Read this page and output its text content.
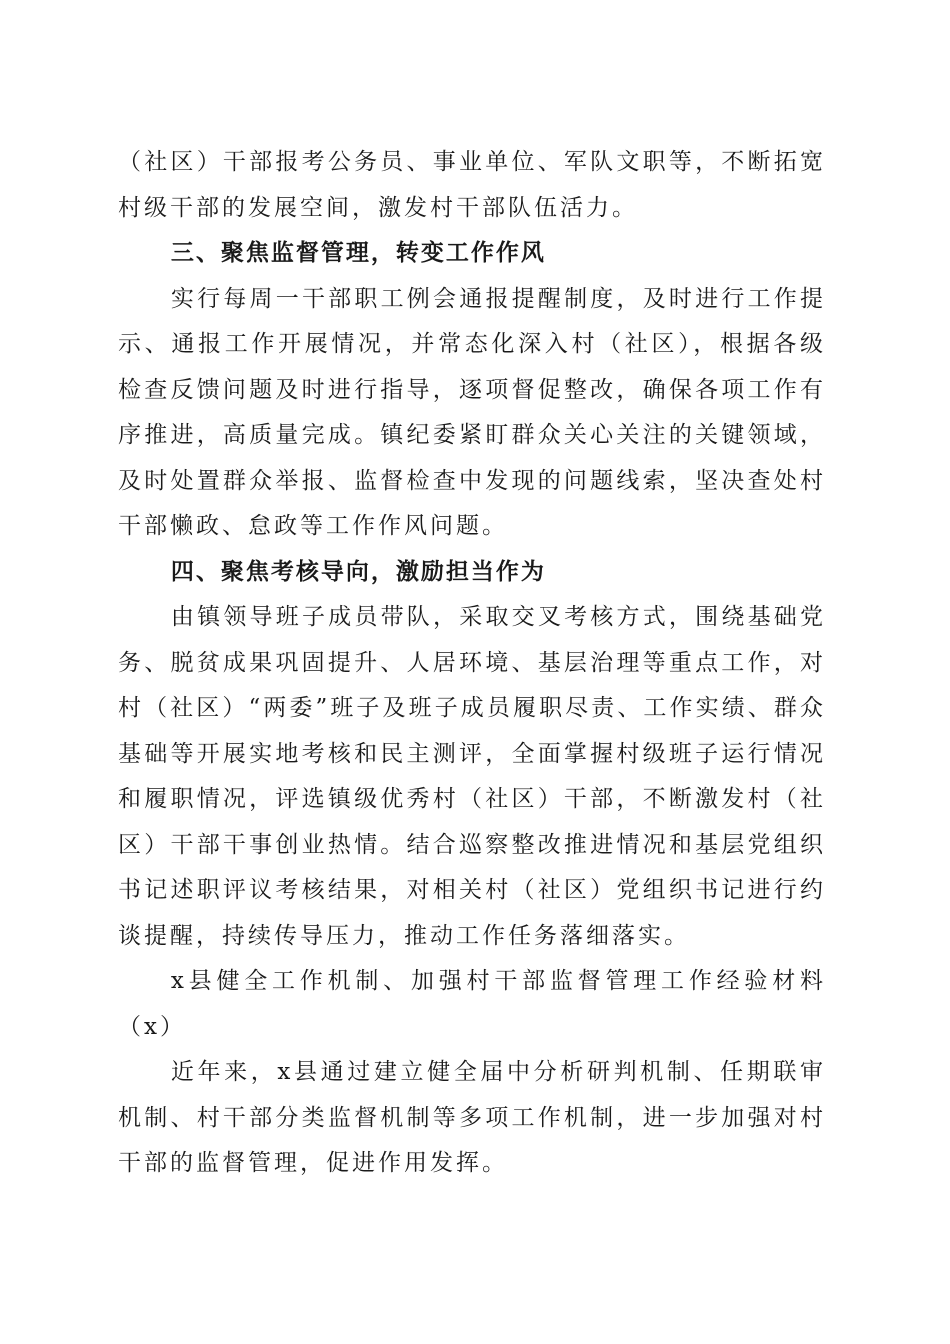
（社区）干部报考公务员、事业单位、军队文职等，不断拓宽村级干部的发展空间，激发村干部队伍活力。

三、聚焦监督管理，转变工作作风

实行每周一干部职工例会通报提醒制度，及时进行工作提示、通报工作开展情况，并常态化深入村（社区），根据各级检查反馈问题及时进行指导，逐项督促整改，确保各项工作有序推进，高质量完成。镇纪委紧盯群众关心关注的关键领域，及时处置群众举报、监督检查中发现的问题线索，坚决查处村干部懒政、怠政等工作作风问题。

四、聚焦考核导向，激励担当作为

由镇领导班子成员带队，采取交叉考核方式，围绕基础党务、脱贫成果巩固提升、人居环境、基层治理等重点工作，对村（社区）“两委”班子及班子成员履职尽责、工作实绩、群众基础等开展实地考核和民主测评，全面掌握村级班子运行情况和履职情况，评选镇级优秀村（社区）干部，不断激发村（社区）干部干事创业热情。结合巡察整改推进情况和基层党组织书记述职评议考核结果，对相关村（社区）党组织书记进行约谈提醒，持续传导压力，推动工作任务落细落实。

x县健全工作机制、加强村干部监督管理工作经验材料（x）

近年来，x县通过建立健全届中分析研判机制、任期联审机制、村干部分类监督机制等多项工作机制，进一步加强对村干部的监督管理，促进作用发挥。
